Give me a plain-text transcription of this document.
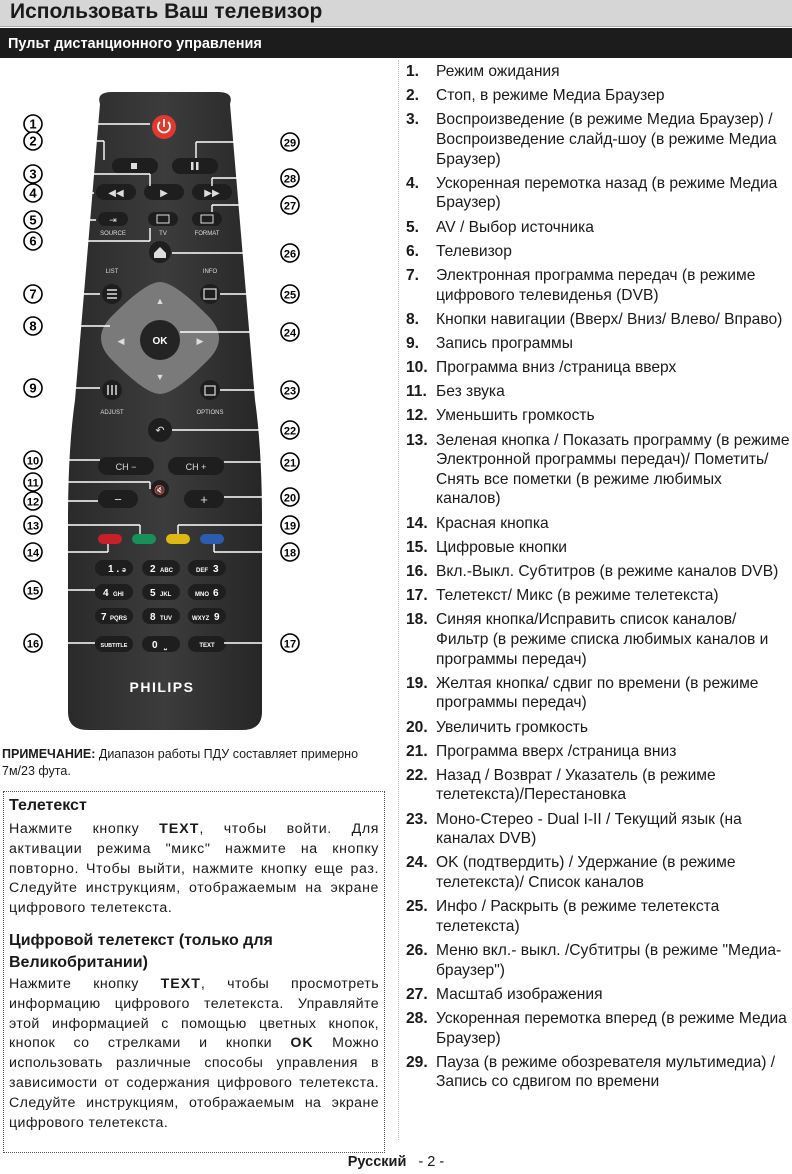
Использовать Ваш телевизор
Пульт дистанционного управления
◀◀	▶	▶▶
⇥
SOURCE	TV	FORMAT
LIST	INFO
▲
▼
◀	▶
OK
ADJUST	OPTIONS
↶
CH −	CH +
🔇
−	+
1 . ə 2 ABC	DEF 3
4 GHI	5 JKL	MNO 6
7 PQRS 8 TUV	WXYZ 9
SUBTITLE 0 ⎵	TEXT
PHILIPS
1
2
3
4
5
6
7
8
9
10
11
12
13
14
15
16	17
18
19
20
21
22
23
24
25
26
27
28
29
ПРИМЕЧАНИЕ: Диапазон работы ПДУ составляет примерно 7м/23 фута.
Телетекст
Нажмите кнопку TEXT, чтобы войти. Для активации режима "микс" нажмите на кнопку повторно. Чтобы выйти, нажмите кнопку еще раз. Следуйте инструкциям, отображаемым на экране цифрового телетекста.
Цифровой телетекст (только для Великобритании)
Нажмите кнопку TEXT, чтобы просмотреть информацию цифрового телетекста. Управляйте этой информацией с помощью цветных кнопок, кнопок со стрелками и кнопки OK Можно использовать различные способы управления в зависимости от содержания цифрового телетекста. Следуйте инструкциям, отображаемым на экране цифрового телетекста.
1.	Режим ожидания
2.	Стоп, в режиме Медиа Браузер
3.	Воспроизведение (в режиме Медиа Браузер) / Воспроизведение слайд-шоу (в режиме Медиа Браузер)
4.	Ускоренная перемотка назад (в режиме Медиа Браузер)
5.	AV / Выбор источника
6.	Телевизор
7.	Электронная программа передач (в режиме цифрового телевиденья (DVB)
8.	Кнопки навигации (Вверх/ Вниз/ Влево/ Вправо)
9.	Запись программы
10. Программа вниз /страница вверх
11. Без звука
12. Уменьшить громкость
13. Зеленая кнопка / Показать программу (в режиме Электронной программы передач)/ Пометить/ Снять все пометки (в режиме любимых каналов)
14. Красная кнопка
15. Цифровые кнопки
16. Вкл.-Выкл. Субтитров (в режиме каналов DVB)
17. Телетекст/ Микс (в режиме телетекста)
18. Синяя кнопка/Исправить список каналов/ Фильтр (в режиме списка любимых каналов и программы передач)
19. Желтая кнопка/ сдвиг по времени (в режиме программы передач)
20. Увеличить громкость
21. Программа вверх /страница вниз
22. Назад / Возврат / Указатель (в режиме телетекста)/Перестановка
23. Моно-Стерео - Dual I-II / Текущий язык (на каналах DVB)
24. OK (подтвердить) / Удержание (в режиме телетекста)/ Список каналов
25. Инфо / Раскрыть (в режиме телетекста телетекста)
26. Меню вкл.- выкл. /Субтитры (в режиме "Медиа-браузер")
27. Масштаб изображения
28. Ускоренная перемотка вперед (в режиме Медиа Браузер)
29. Пауза (в режиме обозревателя мультимедиа) / Запись со сдвигом по времени
Русский - 2 -
